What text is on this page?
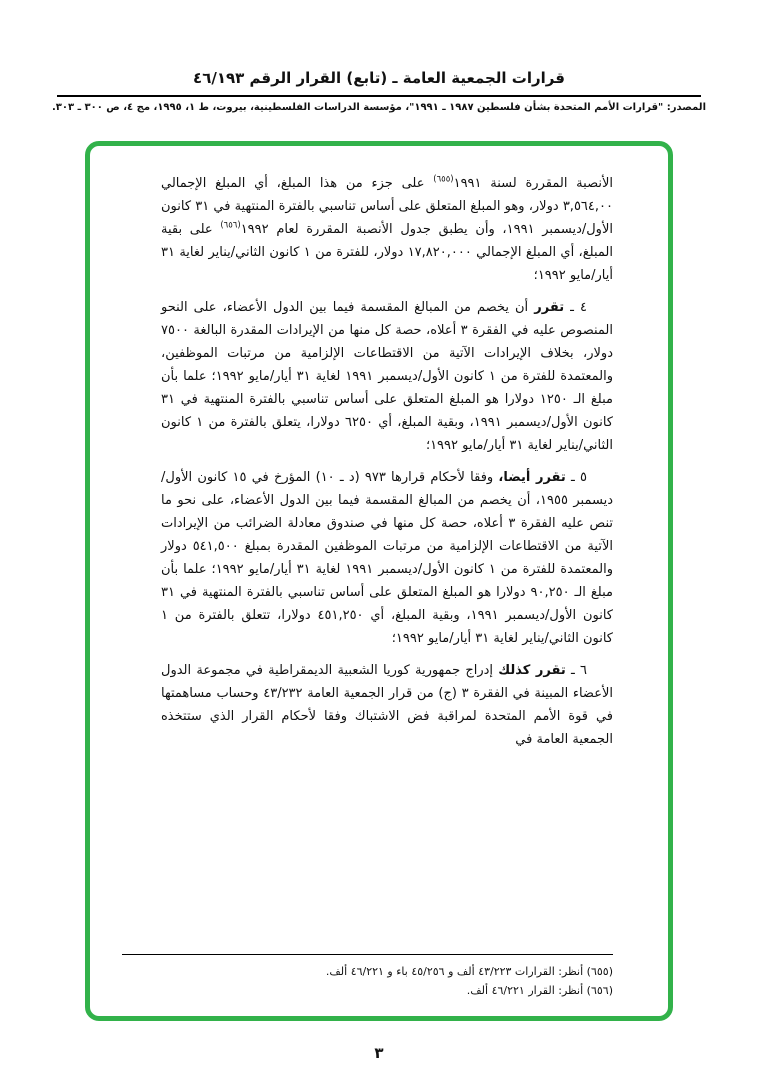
قرارات الجمعية العامة ـ (تابع) القرار الرقم ٤٦/١٩٣
المصدر: "قرارات الأمم المتحدة بشأن فلسطين ١٩٨٧ ـ ١٩٩١"، مؤسسة الدراسات الفلسطينية، بيروت، ط ١، ١٩٩٥، مج ٤، ص ٣٠٠ ـ ٣٠٣.

الأنصبة المقررة لسنة ١٩٩١$^{(٦٥٥)}$ على جزء من هذا المبلغ، أي المبلغ الإجمالي ٣,٥٦٤,٠٠ دولار، وهو المبلغ المتعلق على أساس تناسبي بالفترة المنتهية في ٣١ كانون الأول/ديسمبر ١٩٩١، وأن يطبق جدول الأنصبة المقررة لعام ١٩٩٢$^{(٦٥٦)}$ على بقية المبلغ، أي المبلغ الإجمالي ١٧,٨٢٠,٠٠٠ دولار، للفترة من ١ كانون الثاني/يناير لغاية ٣١ أيار/مايو ١٩٩٢؛

٤ ـ تقرر أن يخصم من المبالغ المقسمة فيما بين الدول الأعضاء، على النحو المنصوص عليه في الفقرة ٣ أعلاه، حصة كل منها من الإيرادات المقدرة البالغة ٧٥٠٠ دولار، بخلاف الإيرادات الآتية من الاقتطاعات الإلزامية من مرتبات الموظفين، والمعتمدة للفترة من ١ كانون الأول/ديسمبر ١٩٩١ لغاية ٣١ أيار/مايو ١٩٩٢؛ علما بأن مبلغ الـ ١٢٥٠ دولارا هو المبلغ المتعلق على أساس تناسبي بالفترة المنتهية في ٣١ كانون الأول/ديسمبر ١٩٩١، وبقية المبلغ، أي ٦٢٥٠ دولارا، يتعلق بالفترة من ١ كانون الثاني/يناير لغاية ٣١ أيار/مايو ١٩٩٢؛

٥ ـ تقرر أيضا، وفقا لأحكام قرارها ٩٧٣ (د ـ ١٠) المؤرخ في ١٥ كانون الأول/ديسمبر ١٩٥٥، أن يخصم من المبالغ المقسمة فيما بين الدول الأعضاء، على نحو ما تنص عليه الفقرة ٣ أعلاه، حصة كل منها في صندوق معادلة الضرائب من الإيرادات الآتية من الاقتطاعات الإلزامية من مرتبات الموظفين المقدرة بمبلغ ٥٤١,٥٠٠ دولار والمعتمدة للفترة من ١ كانون الأول/ديسمبر ١٩٩١ لغاية ٣١ أيار/مايو ١٩٩٢؛ علما بأن مبلغ الـ ٩٠,٢٥٠ دولارا هو المبلغ المتعلق على أساس تناسبي بالفترة المنتهية في ٣١ كانون الأول/ديسمبر ١٩٩١، وبقية المبلغ، أي ٤٥١,٢٥٠ دولارا، تتعلق بالفترة من ١ كانون الثاني/يناير لغاية ٣١ أيار/مايو ١٩٩٢؛

٦ ـ تقرر كذلك إدراج جمهورية كوريا الشعبية الديمقراطية في مجموعة الدول الأعضاء المبينة في الفقرة ٣ (ج) من قرار الجمعية العامة ٤٣/٢٣٢ وحساب مساهمتها في قوة الأمم المتحدة لمراقبة فض الاشتباك وفقا لأحكام القرار الذي ستتخذه الجمعية العامة في

(٦٥٥) أنظر: القرارات ٤٣/٢٢٣ ألف و ٤٥/٢٥٦ باء و ٤٦/٢٢١ ألف.
(٦٥٦) أنظر: القرار ٤٦/٢٢١ ألف.
٣
